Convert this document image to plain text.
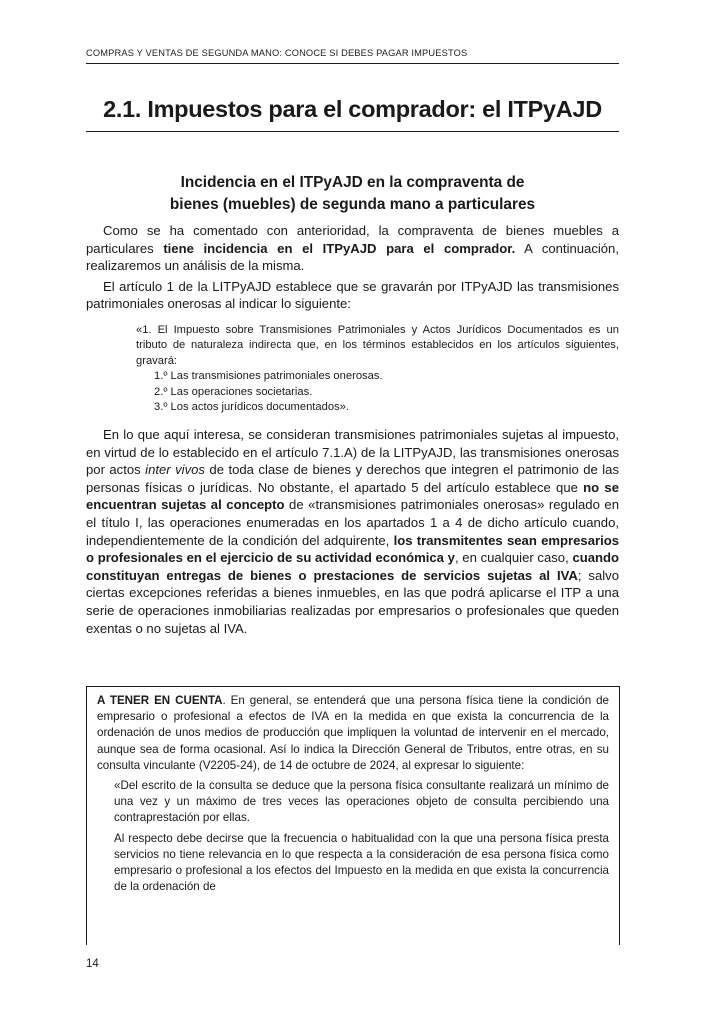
COMPRAS Y VENTAS DE SEGUNDA MANO: CONOCE SI DEBES PAGAR IMPUESTOS
2.1. Impuestos para el comprador: el ITPyAJD
Incidencia en el ITPyAJD en la compraventa de
bienes (muebles) de segunda mano a particulares

Como se ha comentado con anterioridad, la compraventa de bienes muebles a particulares tiene incidencia en el ITPyAJD para el comprador. A continuación, realizaremos un análisis de la misma.

El artículo 1 de la LITPyAJD establece que se gravarán por ITPyAJD las transmisiones patrimoniales onerosas al indicar lo siguiente:

«1. El Impuesto sobre Transmisiones Patrimoniales y Actos Jurídicos Documentados es un tributo de naturaleza indirecta que, en los términos establecidos en los artículos siguientes, gravará:

1.º Las transmisiones patrimoniales onerosas.

2.º Las operaciones societarias.

3.º Los actos jurídicos documentados».

En lo que aquí interesa, se consideran transmisiones patrimoniales sujetas al impuesto, en virtud de lo establecido en el artículo 7.1.A) de la LITPyAJD, las transmisiones onerosas por actos inter vivos de toda clase de bienes y derechos que integren el patrimonio de las personas físicas o jurídicas. No obstante, el apartado 5 del artículo establece que no se encuentran sujetas al concepto de «transmisiones patrimoniales onerosas» regulado en el título I, las operaciones enumeradas en los apartados 1 a 4 de dicho artículo cuando, independientemente de la condición del adquirente, los transmitentes sean empresarios o profesionales en el ejercicio de su actividad económica y, en cualquier caso, cuando constituyan entregas de bienes o prestaciones de servicios sujetas al IVA; salvo ciertas excepciones referidas a bienes inmuebles, en las que podrá aplicarse el ITP a una serie de operaciones inmobiliarias realizadas por empresarios o profesionales que queden exentas o no sujetas al IVA.

A TENER EN CUENTA. En general, se entenderá que una persona física tiene la condición de empresario o profesional a efectos de IVA en la medida en que exista la concurrencia de la ordenación de unos medios de producción que impliquen la voluntad de intervenir en el mercado, aunque sea de forma ocasional. Así lo indica la Dirección General de Tributos, entre otras, en su consulta vinculante (V2205-24), de 14 de octubre de 2024, al expresar lo siguiente:

«Del escrito de la consulta se deduce que la persona física consultante realizará un mínimo de una vez y un máximo de tres veces las operaciones objeto de consulta percibiendo una contraprestación por ellas.

Al respecto debe decirse que la frecuencia o habitualidad con la que una persona física presta servicios no tiene relevancia en lo que respecta a la consideración de esa persona física como empresario o profesional a los efectos del Impuesto en la medida en que exista la concurrencia de la ordenación de

14
